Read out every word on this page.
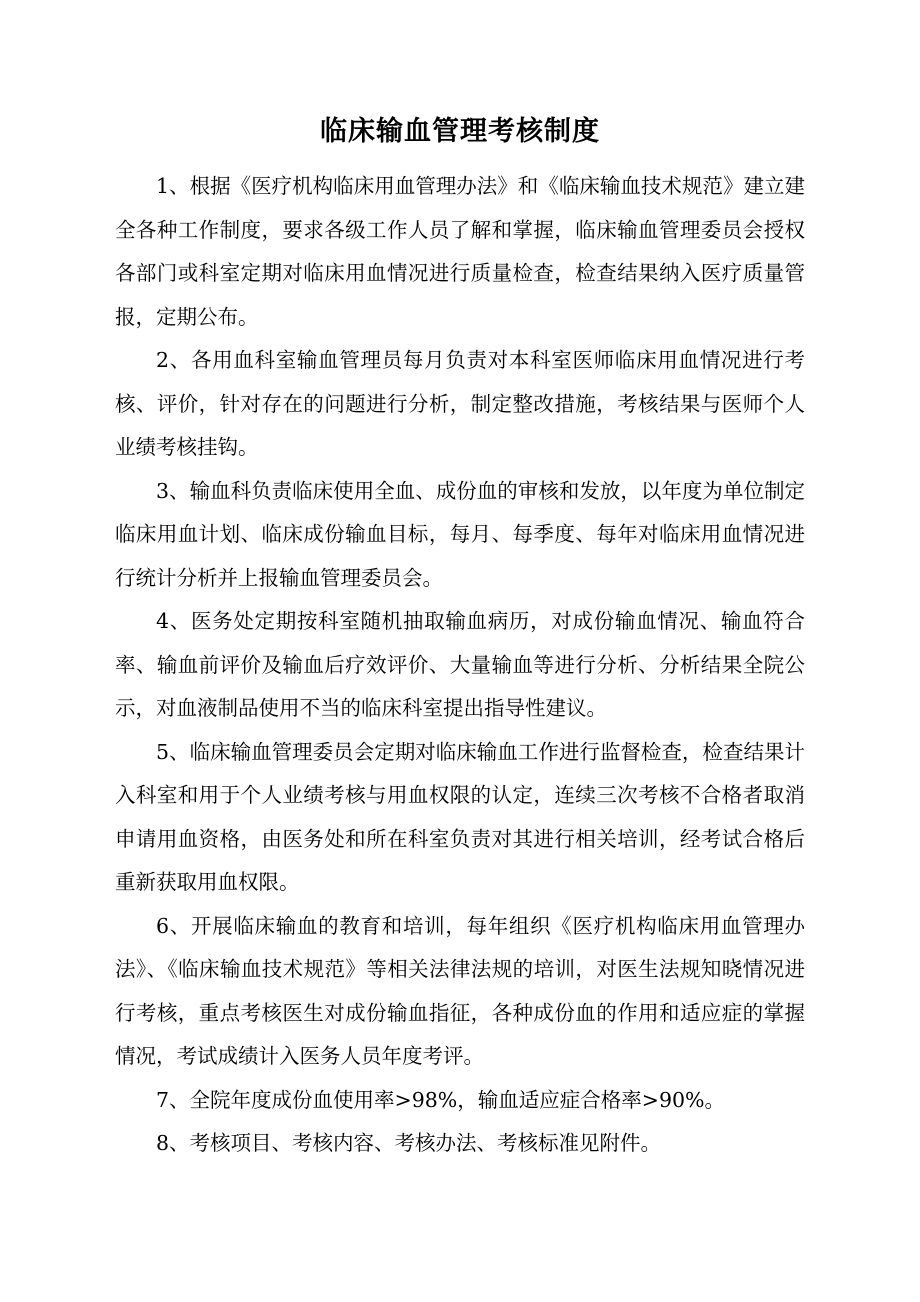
临床输血管理考核制度

1、根据《医疗机构临床用血管理办法》和《临床输血技术规范》建立建全各种工作制度，要求各级工作人员了解和掌握，临床输血管理委员会授权各部门或科室定期对临床用血情况进行质量检查，检查结果纳入医疗质量管报，定期公布。

2、各用血科室输血管理员每月负责对本科室医师临床用血情况进行考核、评价，针对存在的问题进行分析，制定整改措施，考核结果与医师个人业绩考核挂钩。

3、输血科负责临床使用全血、成份血的审核和发放，以年度为单位制定临床用血计划、临床成份输血目标，每月、每季度、每年对临床用血情况进行统计分析并上报输血管理委员会。

4、医务处定期按科室随机抽取输血病历，对成份输血情况、输血符合率、输血前评价及输血后疗效评价、大量输血等进行分析、分析结果全院公示，对血液制品使用不当的临床科室提出指导性建议。

5、临床输血管理委员会定期对临床输血工作进行监督检查，检查结果计入科室和用于个人业绩考核与用血权限的认定，连续三次考核不合格者取消申请用血资格，由医务处和所在科室负责对其进行相关培训，经考试合格后重新获取用血权限。

6、开展临床输血的教育和培训，每年组织《医疗机构临床用血管理办法》、《临床输血技术规范》等相关法律法规的培训，对医生法规知晓情况进行考核，重点考核医生对成份输血指征，各种成份血的作用和适应症的掌握情况，考试成绩计入医务人员年度考评。

7、全院年度成份血使用率>98%，输血适应症合格率>90%。

8、考核项目、考核内容、考核办法、考核标准见附件。
